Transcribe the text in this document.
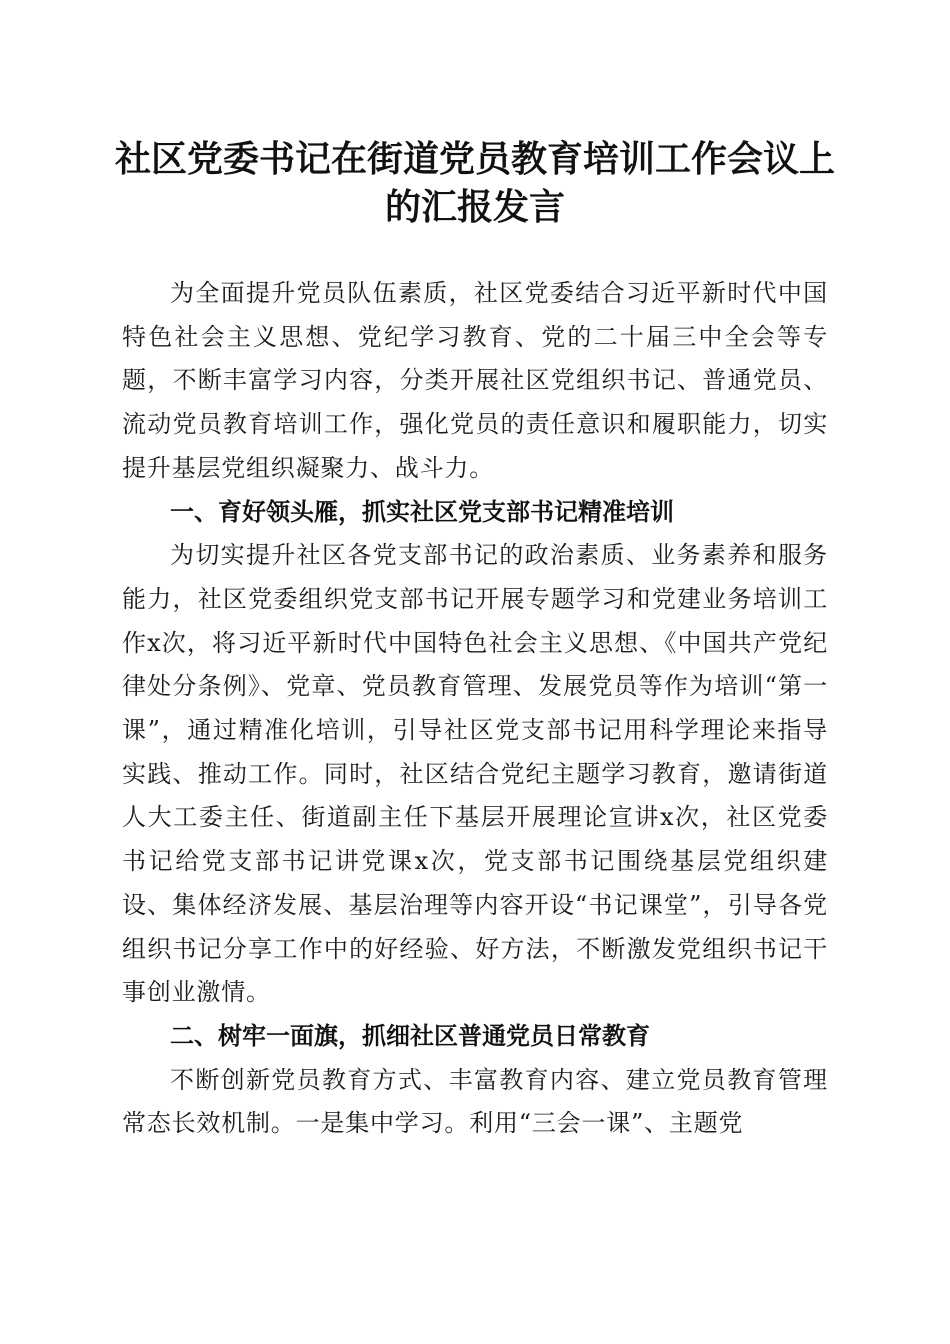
社区党委书记在街道党员教育培训工作会议上
的汇报发言

为全面提升党员队伍素质，社区党委结合习近平新时代中国特色社会主义思想、党纪学习教育、党的二十届三中全会等专题，不断丰富学习内容，分类开展社区党组织书记、普通党员、流动党员教育培训工作，强化党员的责任意识和履职能力，切实提升基层党组织凝聚力、战斗力。

一、育好领头雁，抓实社区党支部书记精准培训

为切实提升社区各党支部书记的政治素质、业务素养和服务能力，社区党委组织党支部书记开展专题学习和党建业务培训工作x次，将习近平新时代中国特色社会主义思想、《中国共产党纪律处分条例》、党章、党员教育管理、发展党员等作为培训“第一课”，通过精准化培训，引导社区党支部书记用科学理论来指导实践、推动工作。同时，社区结合党纪主题学习教育，邀请街道人大工委主任、街道副主任下基层开展理论宣讲x次，社区党委书记给党支部书记讲党课x次，党支部书记围绕基层党组织建设、集体经济发展、基层治理等内容开设“书记课堂”，引导各党组织书记分享工作中的好经验、好方法，不断激发党组织书记干事创业激情。

二、树牢一面旗，抓细社区普通党员日常教育

不断创新党员教育方式、丰富教育内容、建立党员教育管理常态长效机制。一是集中学习。利用“三会一课”、主题党
